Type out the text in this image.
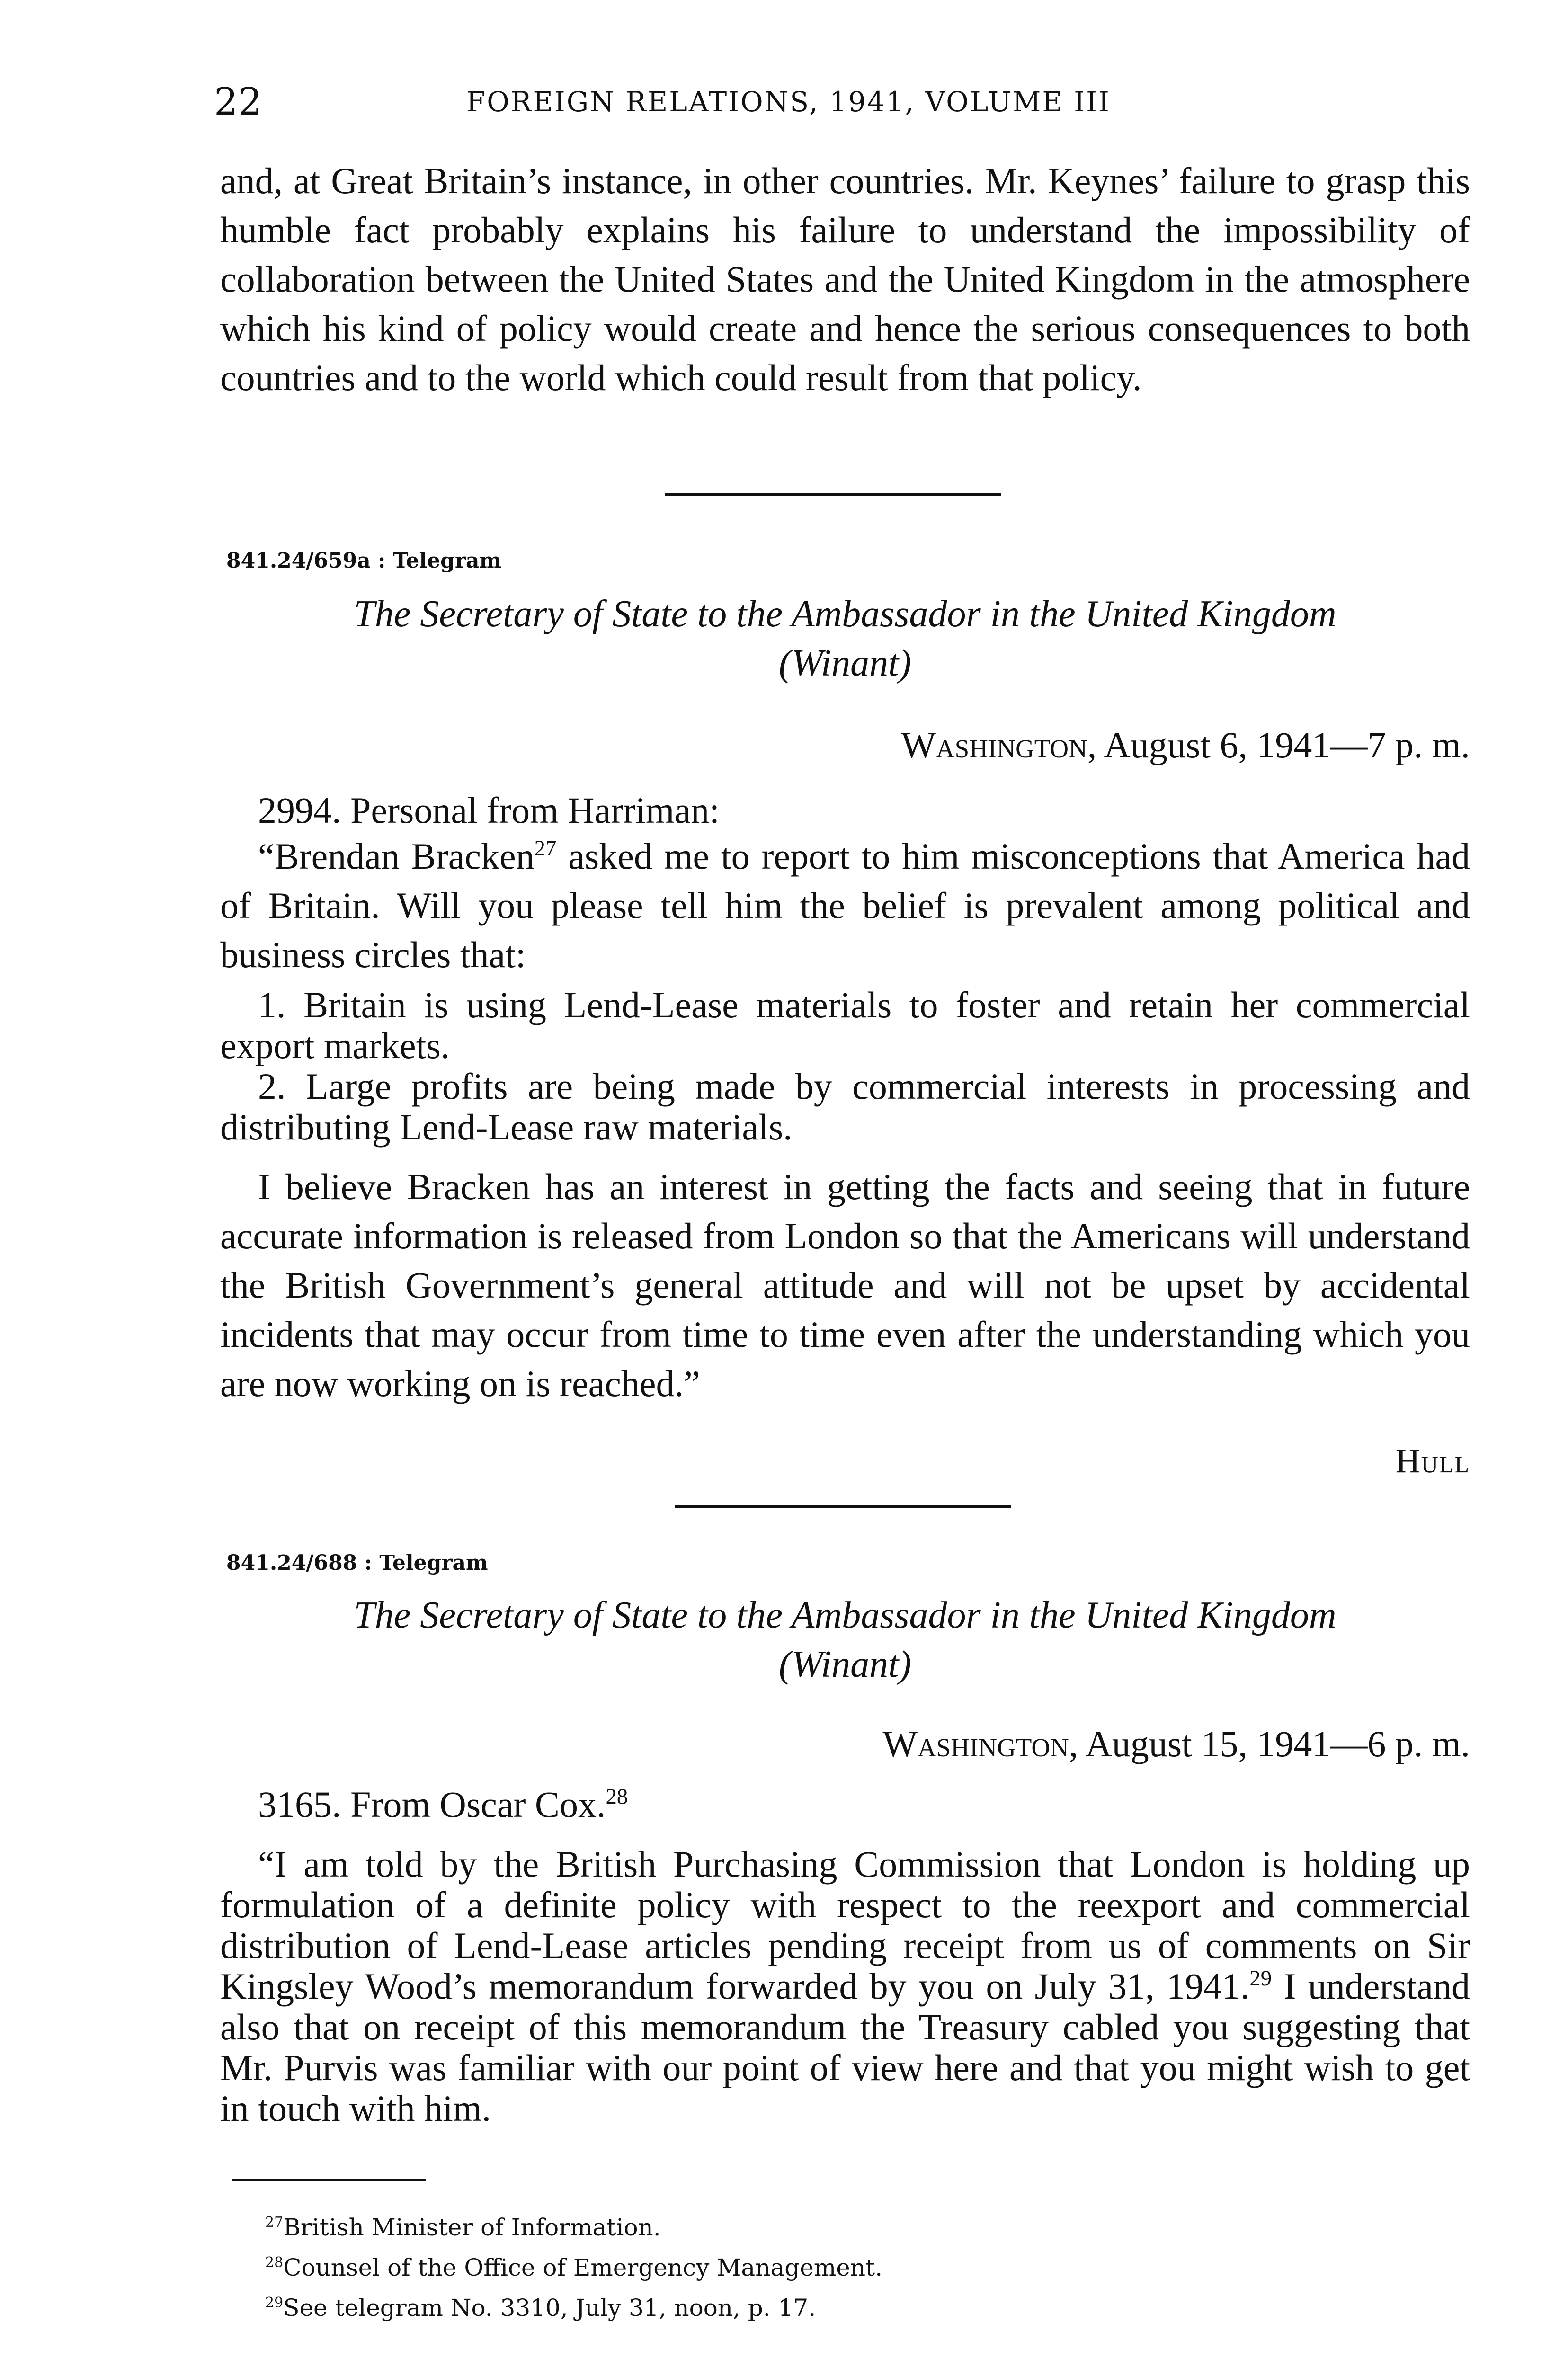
22	FOREIGN RELATIONS, 1941, VOLUME III

and, at Great Britain’s instance, in other countries. Mr. Keynes’ failure to grasp this humble fact probably explains his failure to understand the impossibility of collaboration between the United States and the United Kingdom in the atmosphere which his kind of policy would create and hence the serious consequences to both countries and to the world which could result from that policy.

841.24/659a : Telegram
The Secretary of State to the Ambassador in the United Kingdom
(Winant)
Washington, August 6, 1941—7 p. m.

2994. Personal from Harriman:

“Brendan Bracken$^{27}$ asked me to report to him misconceptions that America had of Britain. Will you please tell him the belief is prevalent among political and business circles that:

1. Britain is using Lend-Lease materials to foster and retain her commercial export markets.
2. Large profits are being made by commercial interests in processing and distributing Lend-Lease raw materials.

I believe Bracken has an interest in getting the facts and seeing that in future accurate information is released from London so that the Americans will understand the British Government’s general attitude and will not be upset by accidental incidents that may occur from time to time even after the understanding which you are now working on is reached.”

Hull
841.24/688 : Telegram
The Secretary of State to the Ambassador in the United Kingdom
(Winant)
Washington, August 15, 1941—6 p. m.

3165. From Oscar Cox.$^{28}$

“I am told by the British Purchasing Commission that London is holding up formulation of a definite policy with respect to the reexport and commercial distribution of Lend-Lease articles pending receipt from us of comments on Sir Kingsley Wood’s memorandum forwarded by you on July 31, 1941.29 I understand also that on receipt of this memorandum the Treasury cabled you suggesting that Mr. Purvis was familiar with our point of view here and that you might wish to get in touch with him.

$^{27}$British Minister of Information.
$^{28}$Counsel of the Office of Emergency Management.
$^{29}$See telegram No. 3310, July 31, noon, p. 17.
